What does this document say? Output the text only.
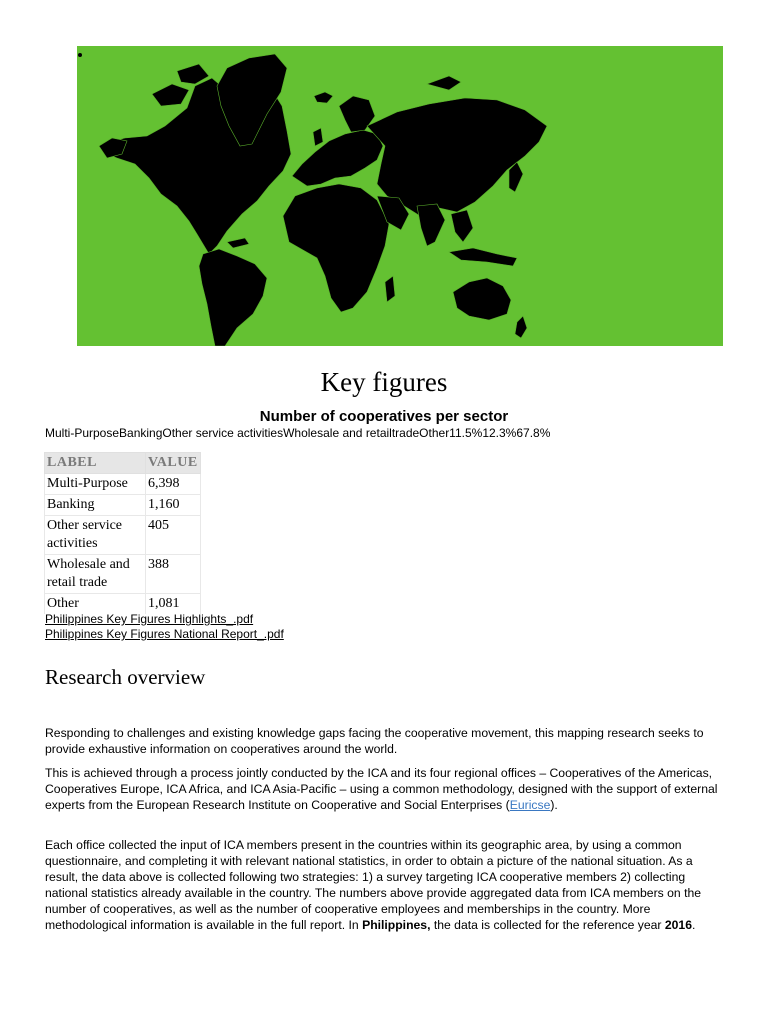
Key figures
Number of cooperatives per sector
Multi-PurposeBankingOther service activitiesWholesale and retailtradeOther11.5%12.3%67.8%
LABEL	VALUE
Multi-Purpose	6,398
Banking	1,160
Other service activities	405
Wholesale and retail trade	388
Other	1,081
Philippines Key Figures Highlights_.pdf
Philippines Key Figures National Report_.pdf
Research overview

Responding to challenges and existing knowledge gaps facing the cooperative movement, this mapping research seeks to provide exhaustive information on cooperatives around the world.

This is achieved through a process jointly conducted by the ICA and its four regional offices – Cooperatives of the Americas, Cooperatives Europe, ICA Africa, and ICA Asia-Pacific – using a common methodology, designed with the support of external experts from the European Research Institute on Cooperative and Social Enterprises (Euricse).

Each office collected the input of ICA members present in the countries within its geographic area, by using a common questionnaire, and completing it with relevant national statistics, in order to obtain a picture of the national situation. As a result, the data above is collected following two strategies: 1) a survey targeting ICA cooperative members 2) collecting national statistics already available in the country. The numbers above provide aggregated data from ICA members on the number of cooperatives, as well as the number of cooperative employees and memberships in the country. More methodological information is available in the full report. In Philippines, the data is collected for the reference year 2016.
